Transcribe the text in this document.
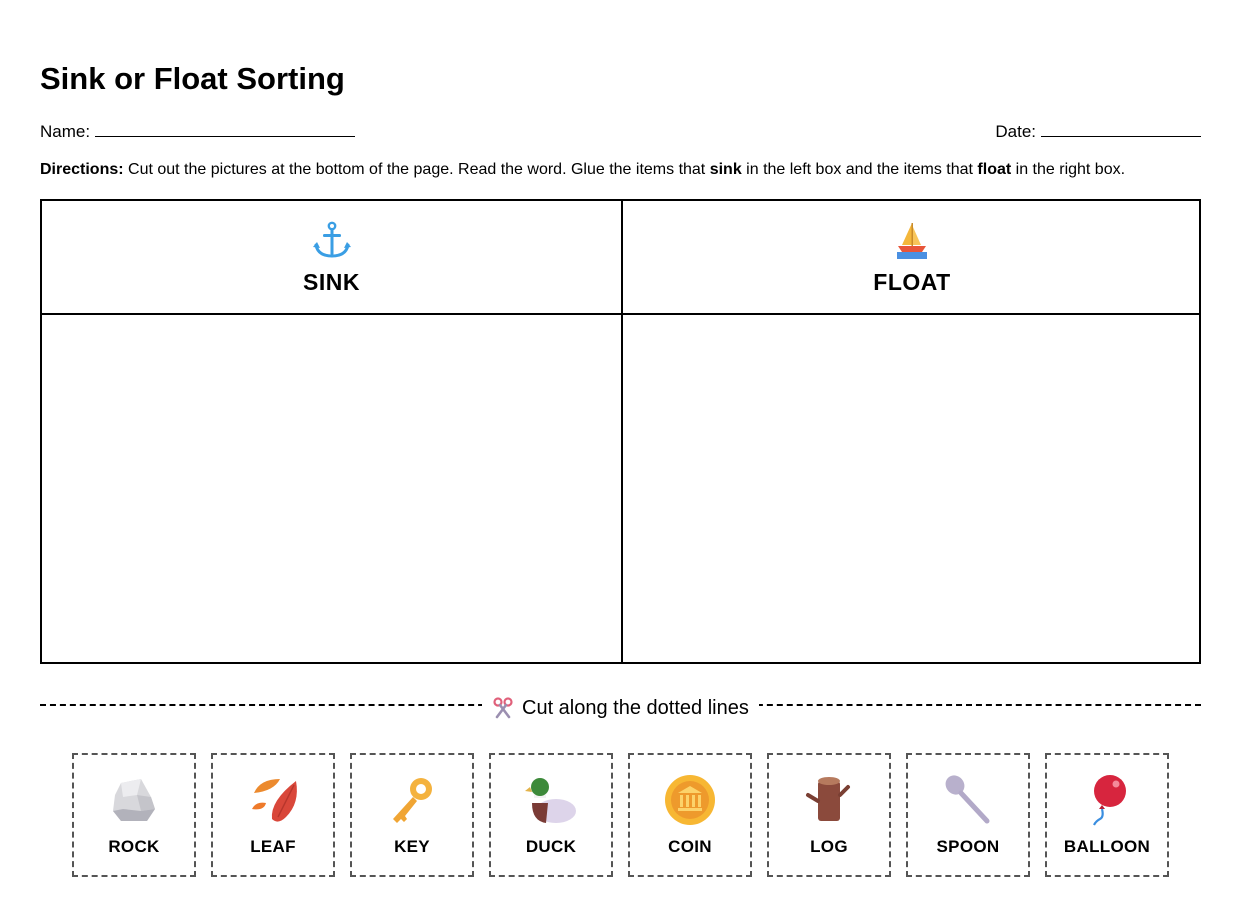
Sink or Float Sorting
Name:	Date:
Directions: Cut out the pictures at the bottom of the page. Read the word. Glue the items that sink in the left box and the items that float in the right box.
SINK	FLOAT
Cut along the dotted lines
ROCK	LEAF	KEY	DUCK	COIN	LOG	SPOON	BALLOON
